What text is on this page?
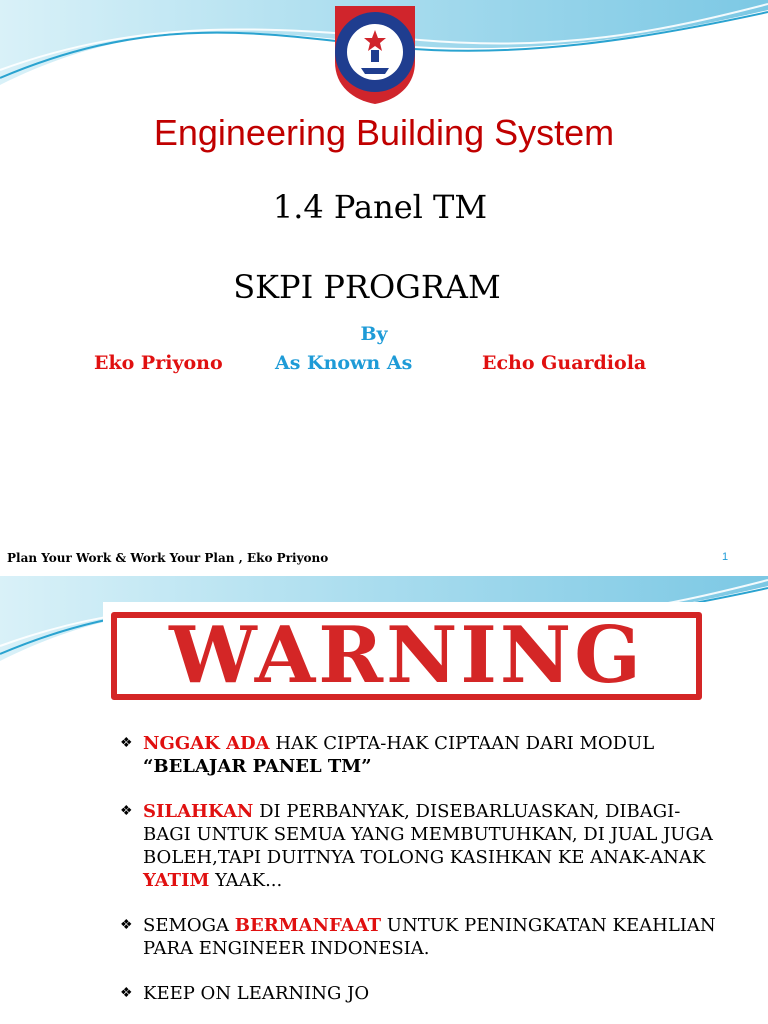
Engineering Building System
1.4 Panel TM
SKPI PROGRAM
By
Eko Priyono	As Known As	Echo Guardiola
Plan Your Work & Work Your Plan , Eko Priyono	1
WARNING
❖ NGGAK ADA HAK CIPTA-HAK CIPTAAN DARI MODUL
“BELAJAR PANEL TM”
❖ SILAHKAN DI PERBANYAK, DISEBARLUASKAN, DIBAGI-BAGI UNTUK SEMUA YANG MEMBUTUHKAN, DI JUAL JUGA BOLEH,TAPI DUITNYA TOLONG KASIHKAN KE ANAK-ANAK YATIM YAAK...
❖ SEMOGA BERMANFAAT UNTUK PENINGKATAN KEAHLIAN PARA ENGINEER INDONESIA.
❖ KEEP ON LEARNING JO
